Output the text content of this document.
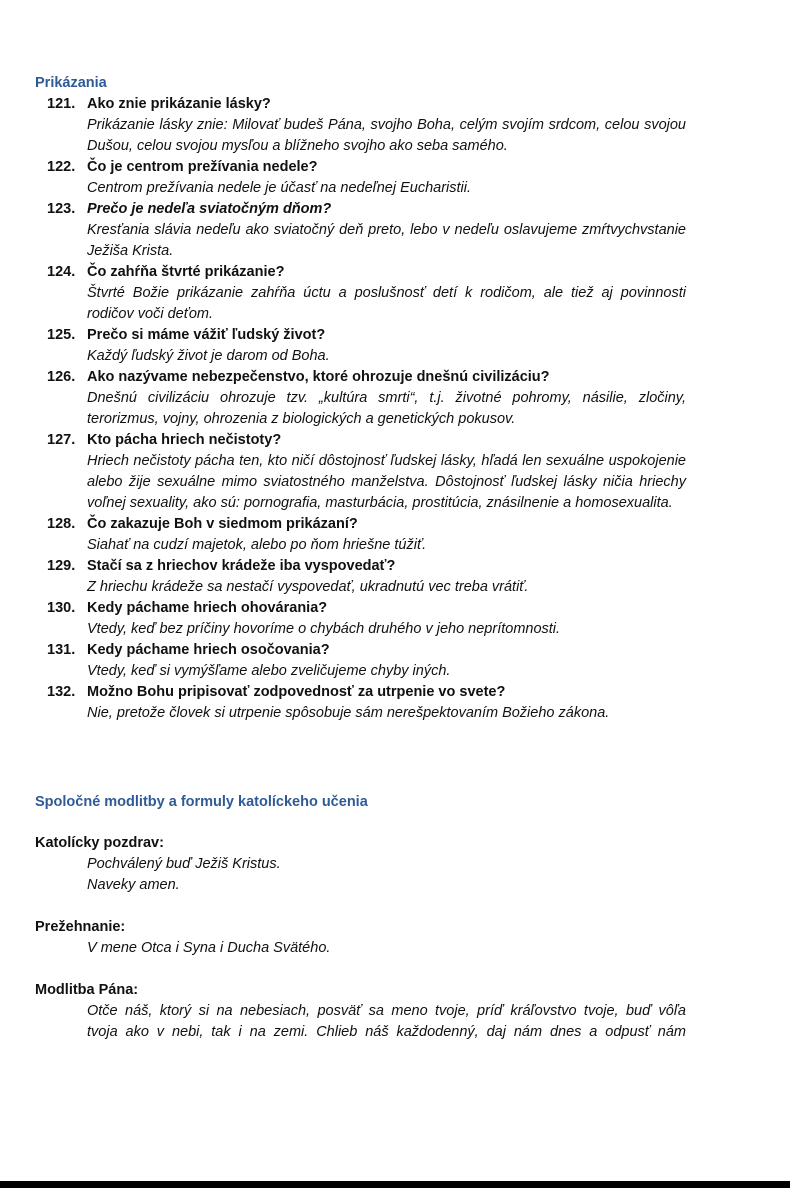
Prikázania
121. Ako znie prikázanie lásky?
Prikázanie lásky znie: Milovať budeš Pána, svojho Boha, celým svojím srdcom, celou svojou Dušou, celou svojou mysľou a blížneho svojho ako seba samého.
122. Čo je centrom prežívania nedele?
Centrom prežívania nedele je účasť na nedeľnej Eucharistii.
123. Prečo je nedeľa sviatočným dňom?
Kresťania slávia nedeľu ako sviatočný deň preto, lebo v nedeľu oslavujeme zmŕtvychvstanie Ježiša Krista.
124. Čo zahŕňa štvrté prikázanie?
Štvrté Božie prikázanie zahŕňa úctu a poslušnosť detí k rodičom, ale tiež aj povinnosti rodičov voči deťom.
125. Prečo si máme vážiť ľudský život?
Každý ľudský život je darom od Boha.
126. Ako nazývame nebezpečenstvo, ktoré ohrozuje dnešnú civilizáciu?
Dnešnú civilizáciu ohrozuje tzv. „kultúra smrti“, t.j. životné pohromy, násilie, zločiny, terorizmus, vojny, ohrozenia z biologických a genetických pokusov.
127. Kto pácha hriech nečistoty?
Hriech nečistoty pácha ten, kto ničí dôstojnosť ľudskej lásky, hľadá len sexuálne uspokojenie alebo žije sexuálne mimo sviatostného manželstva. Dôstojnosť ľudskej lásky ničia hriechy voľnej sexuality, ako sú: pornografia, masturbácia, prostitúcia, znásilnenie a homosexualita.
128. Čo zakazuje Boh v siedmom prikázaní?
Siahať na cudzí majetok, alebo po ňom hriešne túžiť.
129. Stačí sa z hriechov krádeže iba vyspovedať?
Z hriechu krádeže sa nestačí vyspovedať, ukradnutú vec treba vrátiť.
130. Kedy páchame hriech ohovárania?
Vtedy, keď bez príčiny hovoríme o chybách druhého v jeho neprítomnosti.
131. Kedy páchame hriech osočovania?
Vtedy, keď si vymýšľame alebo zveličujeme chyby iných.
132. Možno Bohu pripisovať zodpovednosť za utrpenie vo svete?
Nie, pretože človek si utrpenie spôsobuje sám nerešpektovaním Božieho zákona.
Spoločné modlitby a formuly katolíckeho učenia
Katolícky pozdrav:
Pochválený buď Ježiš Kristus.
Naveky amen.
Prežehnanie:
V mene Otca i Syna i Ducha Svätého.
Modlitba Pána:
Otče náš, ktorý si na nebesiach, posväť sa meno tvoje, príď kráľovstvo tvoje, buď vôľa
tvoja ako v nebi, tak i na zemi. Chlieb náš každodenný, daj nám dnes a odpusť nám
